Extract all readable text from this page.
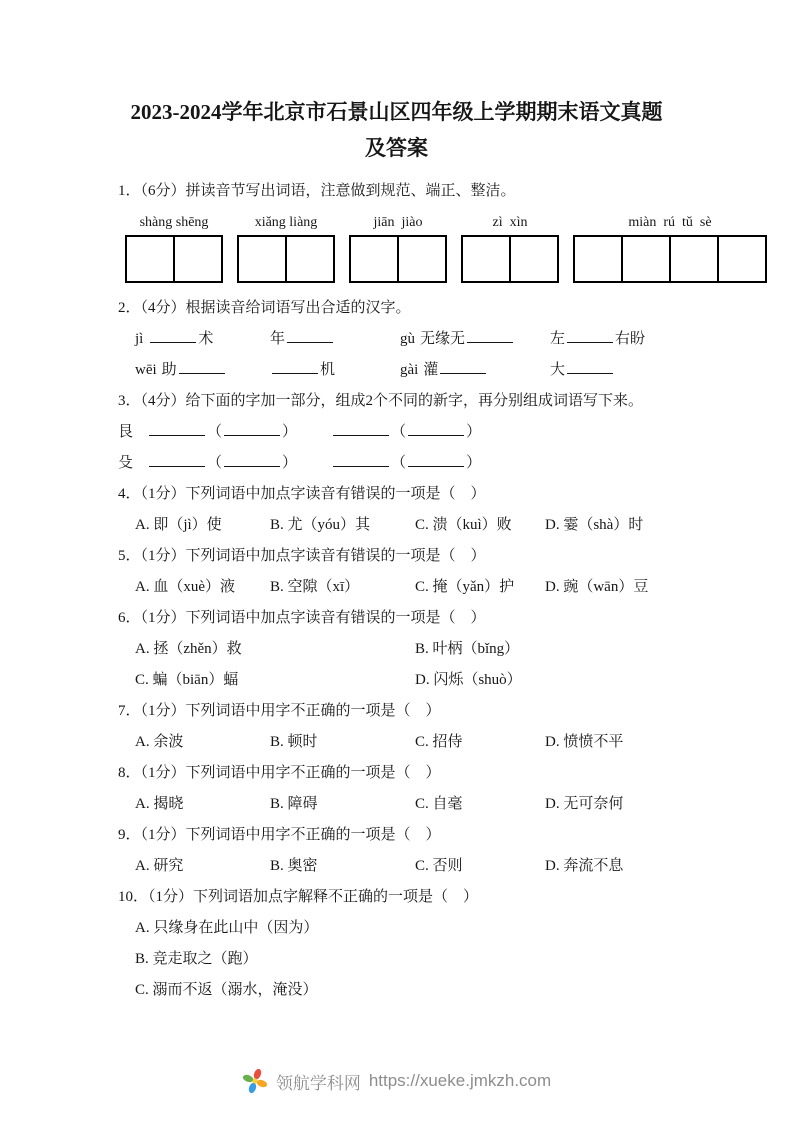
2023-2024学年北京市石景山区四年级上学期期末语文真题
及答案
1．（6分）拼读音节写出词语，注意做到规范、端正、整洁。
shàng shēng	xiǎng liàng	jiān  jiào	zì  xìn	miàn  rú  tǔ  sè
2．（4分）根据读音给词语写出合适的汉字。
jì	术	年	gù 无缘无	左	右盼
wēi 助	机	gài 灌	大
3．（4分）给下面的字加一部分，组成2个不同的新字，再分别组成词语写下来。
艮	（	）	（	）
殳	（	）	（	）
4．（1分）下列词语中加点字读音有错误的一项是（　）
A. 即（jì）使	B. 尤（yóu）其	C. 溃（kuì）败	D. 霎（shà）时
5．（1分）下列词语中加点字读音有错误的一项是（　）
A. 血（xuè）液	B. 空隙（xī）	C. 掩（yǎn）护	D. 豌（wān）豆
6．（1分）下列词语中加点字读音有错误的一项是（　）
A. 拯（zhěn）救	B. 叶柄（bǐng）
C. 蝙（biān）蝠	D. 闪烁（shuò）
7．（1分）下列词语中用字不正确的一项是（　）
A. 余波	B. 顿时	C. 招侍	D. 愤愤不平
8．（1分）下列词语中用字不正确的一项是（　）
A. 揭晓	B. 障碍	C. 自毫	D. 无可奈何
9．（1分）下列词语中用字不正确的一项是（　）
A. 研究	B. 奥密	C. 否则	D. 奔流不息
10．（1分）下列词语加点字解释不正确的一项是（　）
A. 只缘身在此山中（因为）
B. 竞走取之（跑）
C. 溺而不返（溺水，淹没）
领航学科网 https://xueke.jmkzh.com
